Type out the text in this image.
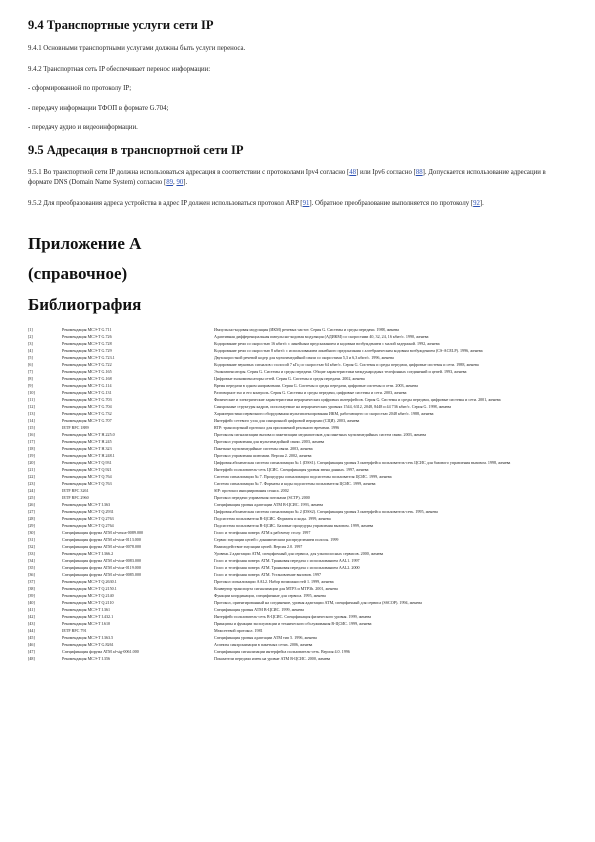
9.4 Транспортные услуги сети IP

9.4.1 Основными транспортными услугами должны быть услуги переноса.

9.4.2 Транспортная сеть IP обеспечивает перенос информации:

- сформированной по протоколу IP;

- передачу информации ТФОП в формате G.704;

- передачу аудио и видеоинформации.

9.5 Адресация в транспортной сети IP

9.5.1 Во транспортной сети IP должна использоваться адресация в соответствии с протоколами Ipv4 согласно [48] или Ipv6 согласно [88]. Допускается использование адресации в формате DNS (Domain Name System) согласно [89, 90].

9.5.2 Для преобразования адреса устройства в адрес IP должен использоваться протокол ARP [91]. Обратное преобразование выполняется по протоколу [92].

Приложение А
(справочное)
Библиография
[1]	Рекомендация МСЭ-Т G.711	Импульсно-кодовая модуляция (ИКМ) речевых частот. Серия G. Системы и среды передачи. 1988, женева
[2]	Рекомендация МСЭ-Т G.726	Адаптивная дифференциальная импульсно-кодовая модуляция (АДИКМ) со скоростями 40, 32, 24, 16 кбит/с. 1990, женева
[3]	Рекомендация МСЭ-Т G.728	Кодирование речи со скоростью 16 кбит/с с линейным предсказанием и кодовым возбуждением с малой задержкой. 1992, женева
[4]	Рекомендация МСЭ-Т G.729	Кодирование речи со скоростью 8 кбит/с с использованием линейного предсказания с алгебраическим кодовым возбуждением (CS-ACELP). 1996, женева
[5]	Рекомендация МСЭ-Т G.723.1	Двухскоростной речевой кодер для мультимедийной связи со скоростями 5,3 и 6,3 кбит/с. 1996, женева
[6]	Рекомендация МСЭ-Т G.722	Кодирование звуковых сигналов с полосой 7 кГц со скоростью 64 кбит/с. Серия G. Системы и среды передачи, цифровые системы и сети. 1988, женева
[7]	Рекомендация МСЭ-Т G.165	Эхокомпенсаторы. Серия G. Системы и среды передачи. Общие характеристики международных телефонных соединений и цепей. 1993, женева
[8]	Рекомендация МСЭ-Т G.168	Цифровые эхокомпенсаторы сетей. Серия G. Системы и среды передачи. 2002, женева
[9]	Рекомендация МСЭ-Т G.114	Время передачи в одном направлении. Серия G. Системы и среды передачи, цифровые системы и сети. 2003, женева
[10]	Рекомендация МСЭ-Т G.131	Разговорное эхо и его контроль. Серия G. Системы и среды передачи, цифровые системы и сети. 2003, женева
[11]	Рекомендация МСЭ-Т G.703	Физические и электрические характеристики иерархических цифровых интерфейсов. Серия G. Системы и среды передачи, цифровые системы и сети. 2001, женева
[12]	Рекомендация МСЭ-Т G.704	Синхронные структуры кадров, используемые на иерархических уровнях 1544, 6312, 2048, 8448 и 44 736 кбит/с. Серия G. 1998, женева
[13]	Рекомендация МСЭ-Т G.732	Характеристики первичного оборудования мультиплексирования ИКМ, работающего со скоростью 2048 кбит/с. 1988, женева
[14]	Рекомендация МСЭ-Т G.707	Интерфейс сетевого узла для синхронной цифровой иерархии (СЦИ). 2003, женева
[15]	IETF RFC 1889	RTP: транспортный протокол для приложений реального времени. 1996
[16]	Рекомендация МСЭ-Т H.225.0	Протоколы сигнализации вызова и пакетизации медиапотоков для пакетных мультимедийных систем связи. 2003, женева
[17]	Рекомендация МСЭ-Т H.245	Протокол управления для мультимедийной связи. 2003, женева
[18]	Рекомендация МСЭ-Т H.323	Пакетные мультимедийные системы связи. 2003, женева
[19]	Рекомендация МСЭ-Т H.248.1	Протокол управления шлюзами. Версия 2. 2002, женева
[20]	Рекомендация МСЭ-Т Q.931	Цифровая абонентская система сигнализации № 1 (DSS1). Спецификация уровня 3 интерфейса пользователь-сеть ЦСИС для базового управления вызовом. 1998, женева
[21]	Рекомендация МСЭ-Т Q.921	Интерфейс пользователь-сеть ЦСИС. Спецификация уровня звена данных. 1997, женева
[22]	Рекомендация МСЭ-Т Q.764	Система сигнализации № 7. Процедуры сигнализации подсистемы пользователя ЦСИС. 1999, женева
[23]	Рекомендация МСЭ-Т Q.763	Система сигнализации № 7. Форматы и коды подсистемы пользователя ЦСИС. 1999, женева
[24]	IETF RFC 3261	SIP: протокол инициирования сеанса. 2002
[25]	IETF RFC 2960	Протокол передачи управления потоками (SCTP). 2000
[26]	Рекомендация МСЭ-Т I.363	Спецификация уровня адаптации АТМ В-ЦСИС. 1993, женева
[27]	Рекомендация МСЭ-Т Q.2931	Цифровая абонентская система сигнализации № 2 (DSS2). Спецификация уровня 3 интерфейса пользователь-сеть. 1995, женева
[28]	Рекомендация МСЭ-Т Q.2763	Подсистема пользователя В-ЦСИС. Форматы и коды. 1999, женева
[29]	Рекомендация МСЭ-Т Q.2764	Подсистема пользователя В-ЦСИС. Базовые процедуры управления вызовом. 1999, женева
[30]	Спецификация форума ATM af-vmoa-0089.000	Голос и телефония поверх ATM к рабочему столу. 1997
[31]	Спецификация форума ATM af-vtoa-0113.000	Сервис эмуляции цепей с динамическим распределением полосы. 1999
[32]	Спецификация форума ATM af-vtoa-0078.000	Взаимодействие эмуляции цепей. Версия 2.0. 1997
[33]	Рекомендация МСЭ-Т I.366.2	Уровень 2 адаптации АТМ, специфичный для сервиса, для узкополосных сервисов. 2000, женева
[34]	Спецификация форума ATM af-vtoa-0083.000	Голос и телефония поверх ATM. Транковая передача с использованием AAL1. 1997
[35]	Спецификация форума ATM af-vtoa-0119.000	Голос и телефония поверх ATM. Транковая передача с использованием AAL2. 2000
[36]	Спецификация форума ATM af-vtoa-0085.000	Голос и телефония поверх ATM. Установление вызовов. 1997
[37]	Рекомендация МСЭ-Т Q.2630.1	Протокол сигнализации AAL2. Набор возможностей 1. 1999, женева
[38]	Рекомендация МСЭ-Т Q.2150.1	Конвертор транспорта сигнализации для MTP3 и MTP3b. 2001, женева
[39]	Рекомендация МСЭ-Т Q.2140	Функции координации, специфичные для сервиса. 1995, женева
[40]	Рекомендация МСЭ-Т Q.2110	Протокол, ориентированный на соединение, уровня адаптации ATM, специфичный для сервиса (SSCOP). 1994, женева
[41]	Рекомендация МСЭ-Т I.361	Спецификация уровня АТМ В-ЦСИС. 1999, женева
[42]	Рекомендация МСЭ-Т I.432.1	Интерфейс пользователь-сеть В-ЦСИС. Спецификация физического уровня. 1999, женева
[43]	Рекомендация МСЭ-Т I.610	Принципы и функции эксплуатации и технического обслуживания В-ЦСИС. 1999, женева
[44]	IETF RFC 791	Межсетевой протокол. 1981
[45]	Рекомендация МСЭ-Т I.363.5	Спецификация уровня адаптации АТМ тип 5. 1996, женева
[46]	Рекомендация МСЭ-Т G.8261	Аспекты синхронизации в пакетных сетях. 2006, женева
[47]	Спецификация форума ATM af-sig-0061.000	Спецификация сигнализации интерфейса пользователь-сеть. Версия 4.0. 1996
[48]	Рекомендация МСЭ-Т I.356	Показатели передачи ячеек на уровне АТМ В-ЦСИС. 2000, женева
